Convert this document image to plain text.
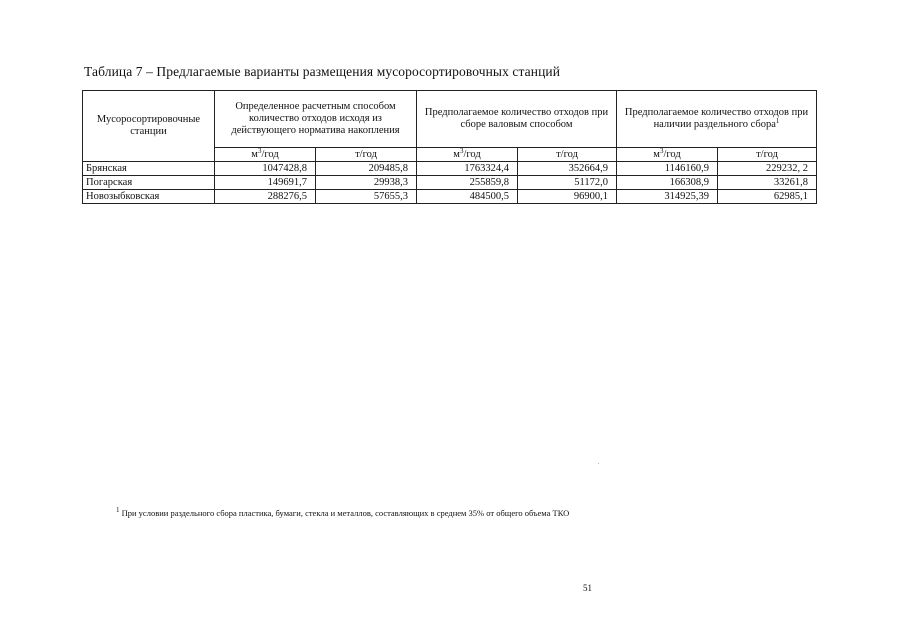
Таблица 7 – Предлагаемые варианты размещения мусоросортировочных станций
Мусоросортировочные станции	Определенное расчетным способом количество отходов исходя из действующего норматива накопления		Предполагаемое количество отходов при сборе валовым способом		Предполагаемое количество отходов при наличии раздельного сбора$^1$
	$м^3$/год	т/год	$м^3$/год	т/год	$м^3$/год	т/год
Брянская	1047428,8	209485,8	1763324,4	352664,9	1146160,9	229232, 2
Погарская	149691,7	29938,3	255859,8	51172,0	166308,9	33261,8
Новозыбковская	288276,5	57655,3	484500,5	96900,1	314925,39	62985,1
$^1$ При условии раздельного сбора пластика, бумаги, стекла и металлов, составляющих в среднем 35% от общего объема ТКО
51
